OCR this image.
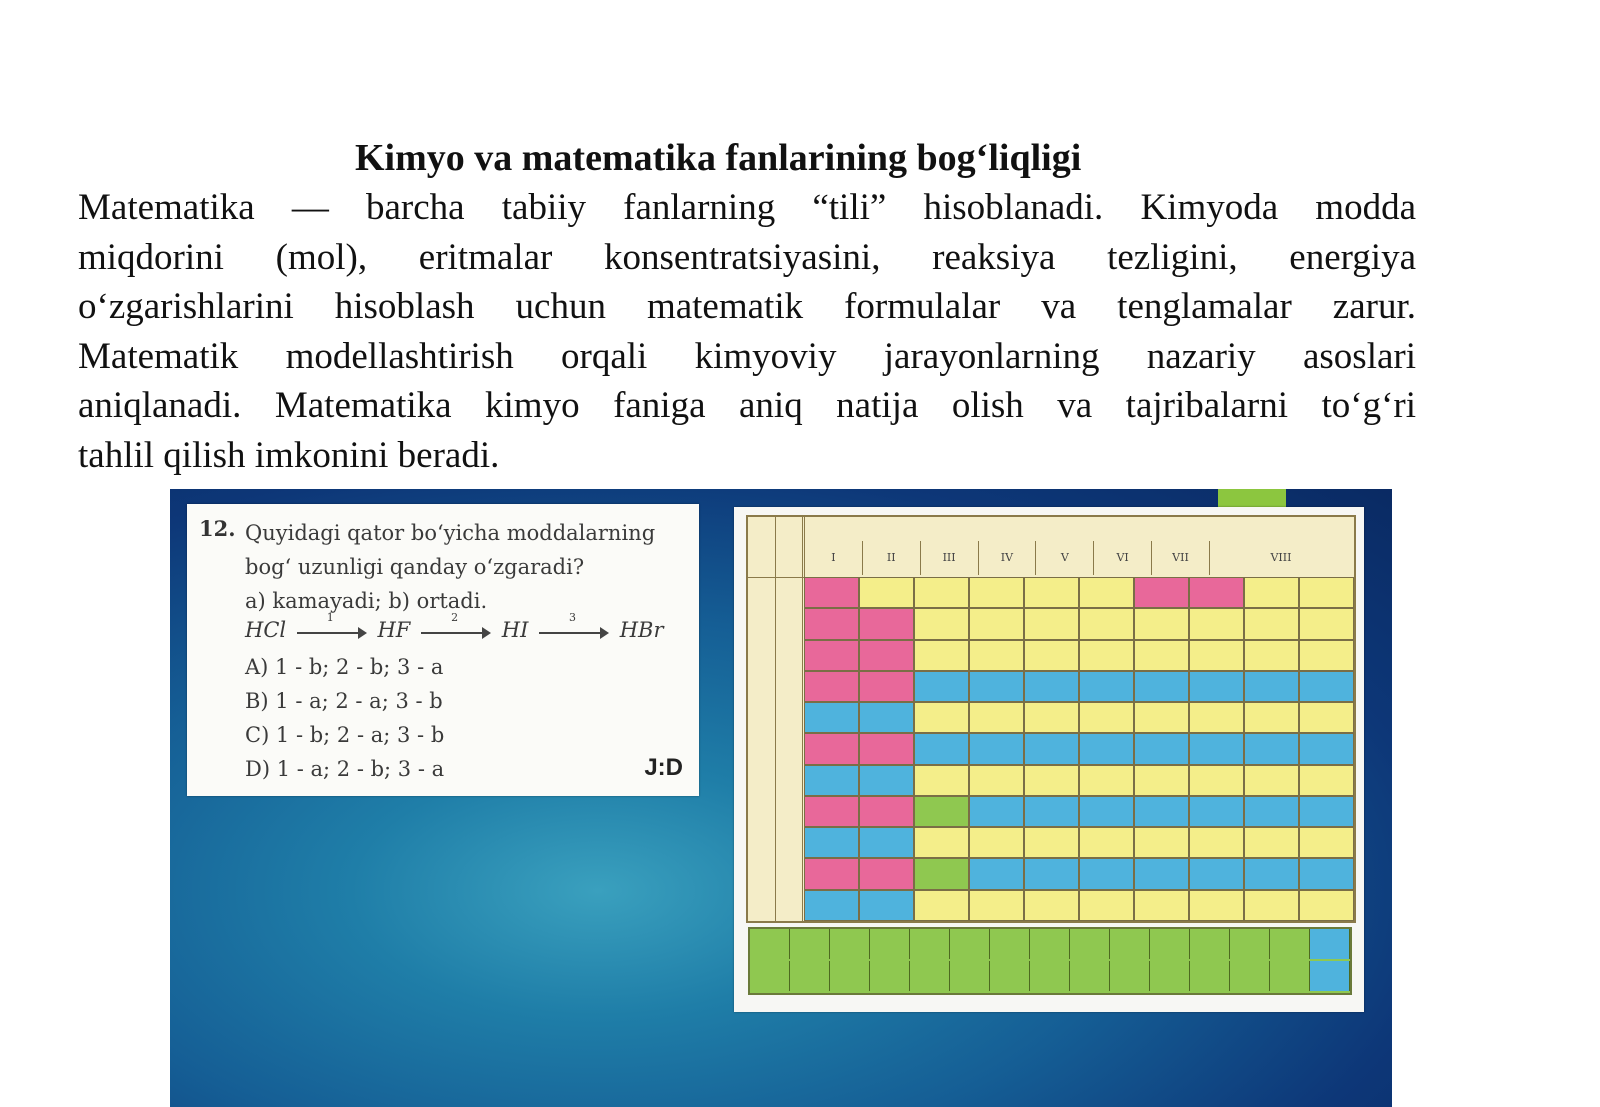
Kimyo va matematika fanlarining bog‘liqligi
Matematika — barcha tabiiy fanlarning “tili” hisoblanadi. Kimyoda modda
miqdorini (mol), eritmalar konsentratsiyasini, reaksiya tezligini, energiya
o‘zgarishlarini hisoblash uchun matematik formulalar va tenglamalar zarur.
Matematik modellashtirish orqali kimyoviy jarayonlarning nazariy asoslari
aniqlanadi. Matematika kimyo faniga aniq natija olish va tajribalarni to‘g‘ri
tahlil qilish imkonini beradi.
12. Quyidagi qator bo‘yicha moddalarning
bog‘ uzunligi qanday o‘zgaradi?
a) kamayadi; b) ortadi.
HCl
1
HF
2
HI
3
HBr
A) 1 - b; 2 - b; 3 - a
B) 1 - a; 2 - a; 3 - b
C) 1 - b; 2 - a; 3 - b
D) 1 - a; 2 - b; 3 - a	J:D
I	II	III	IV	V	VI	VII	VIII
